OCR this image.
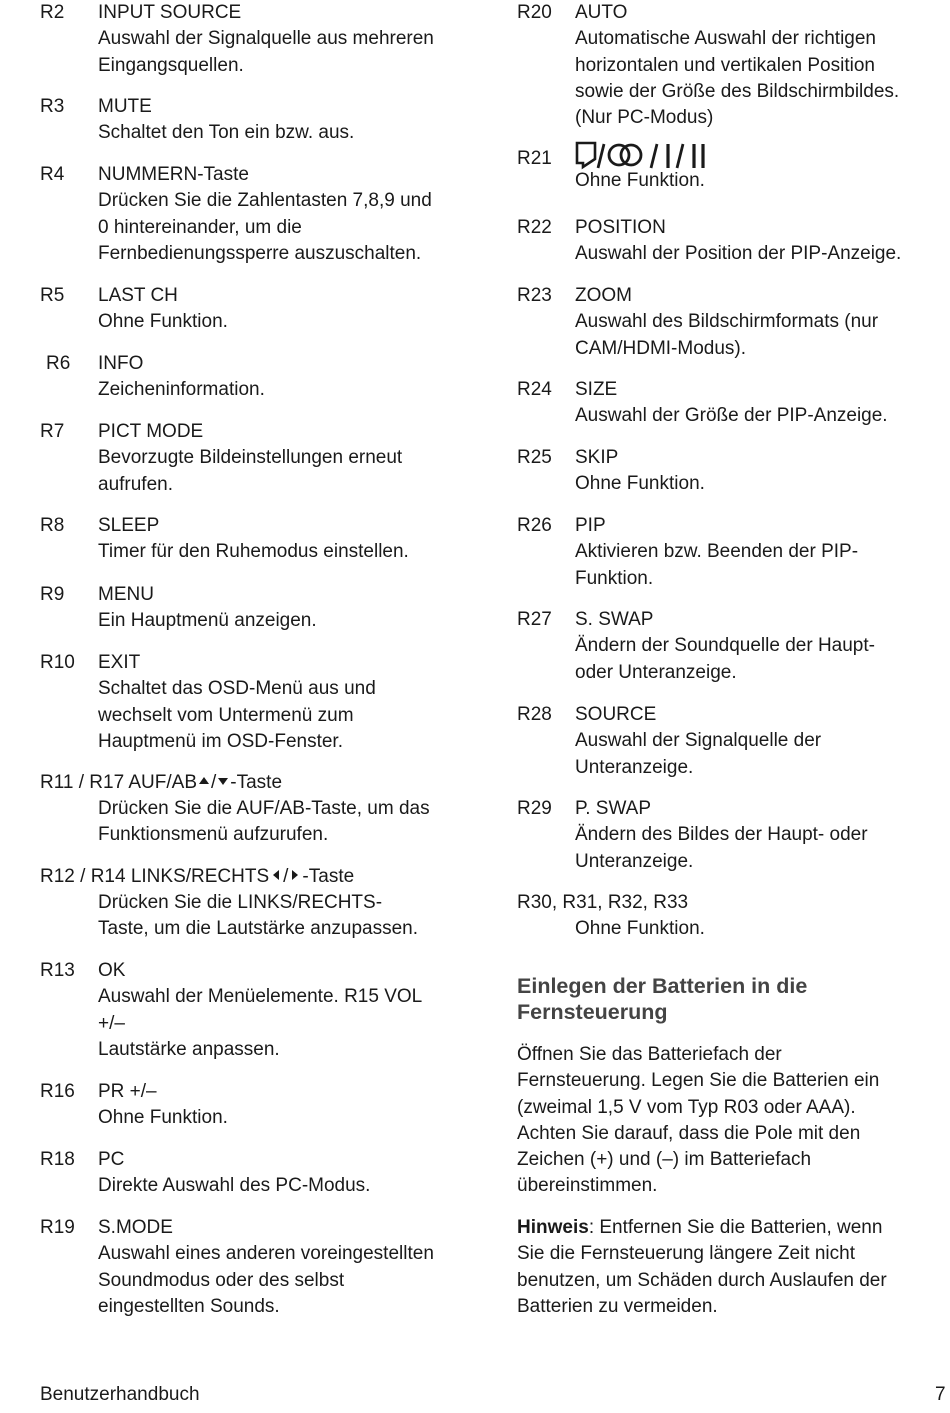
R2 INPUT SOURCE
Auswahl der Signalquelle aus mehreren
Eingangsquellen.
R3 MUTE
Schaltet den Ton ein bzw. aus.
R4 NUMMERN-Taste
Drücken Sie die Zahlentasten 7,8,9 und
0 hintereinander, um die
Fernbedienungssperre auszuschalten.
R5 LAST CH
Ohne Funktion.
R6 INFO
Zeicheninformation.
R7 PICT MODE
Bevorzugte Bildeinstellungen erneut
aufrufen.
R8 SLEEP
Timer für den Ruhemodus einstellen.
R9 MENU
Ein Hauptmenü anzeigen.
R10 EXIT
Schaltet das OSD-Menü aus und
wechselt vom Untermenü zum
Hauptmenü im OSD-Fenster.
R11 / R17 AUF/AB / -Taste
Drücken Sie die AUF/AB-Taste, um das
Funktionsmenü aufzurufen.
R12 / R14 LINKS/RECHTS / -Taste
Drücken Sie die LINKS/RECHTS-
Taste, um die Lautstärke anzupassen.
R13 OK
Auswahl der Menüelemente. R15 VOL
+/–
Lautstärke anpassen.
R16 PR +/–
Ohne Funktion.
R18 PC
Direkte Auswahl des PC-Modus.
R19 S.MODE
Auswahl eines anderen voreingestellten
Soundmodus oder des selbst
eingestellten Sounds.
R20 AUTO
Automatische Auswahl der richtigen
horizontalen und vertikalen Position
sowie der Größe des Bildschirmbildes.
(Nur PC-Modus)
R21
Ohne Funktion.
R22 POSITION
Auswahl der Position der PIP-Anzeige.
R23 ZOOM
Auswahl des Bildschirmformats (nur
CAM/HDMI-Modus).
R24 SIZE
Auswahl der Größe der PIP-Anzeige.
R25 SKIP
Ohne Funktion.
R26 PIP
Aktivieren bzw. Beenden der PIP-
Funktion.
R27 S. SWAP
Ändern der Soundquelle der Haupt-
oder Unteranzeige.
R28 SOURCE
Auswahl der Signalquelle der
Unteranzeige.
R29 P. SWAP
Ändern des Bildes der Haupt- oder
Unteranzeige.
R30, R31, R32, R33
Ohne Funktion.
Einlegen der Batterien in die
Fernsteuerung
Öffnen Sie das Batteriefach der
Fernsteuerung. Legen Sie die Batterien ein
(zweimal 1,5 V vom Typ R03 oder AAA).
Achten Sie darauf, dass die Pole mit den
Zeichen (+) und (–) im Batteriefach
übereinstimmen.
Hinweis: Entfernen Sie die Batterien, wenn
Sie die Fernsteuerung längere Zeit nicht
benutzen, um Schäden durch Auslaufen der
Batterien zu vermeiden.
Benutzerhandbuch	7
